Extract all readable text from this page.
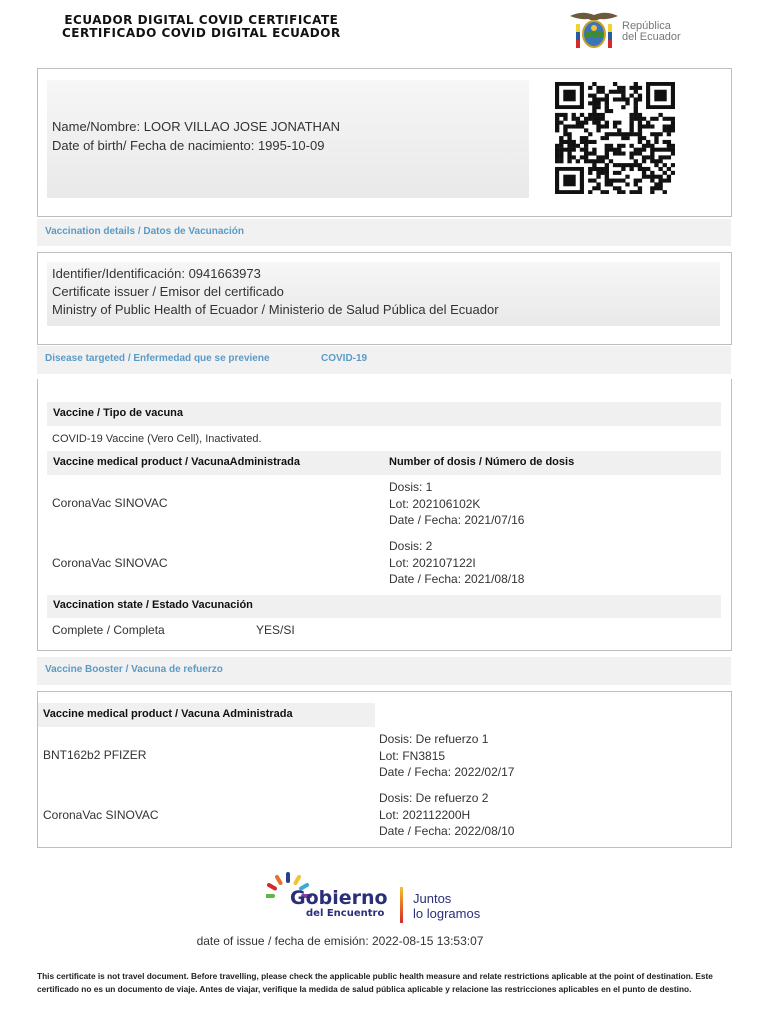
ECUADOR DIGITAL COVID CERTIFICATE
CERTIFICADO COVID DIGITAL ECUADOR	República
del Ecuador
Name/Nombre: LOOR VILLAO JOSE JONATHAN
Date of birth/ Fecha de nacimiento: 1995-10-09
Vaccination details / Datos de Vacunación
Identifier/Identificación: 0941663973
Certificate issuer / Emisor del certificado
Ministry of Public Health of Ecuador / Ministerio de Salud Pública del Ecuador
Disease targeted / Enfermedad que se previene	COVID-19
Vaccine / Tipo de vacuna
COVID-19 Vaccine (Vero Cell), Inactivated.
Vaccine medical product / VacunaAdministrada	Number of dosis / Número de dosis
CoronaVac SINOVAC
Dosis: 1
Lot: 202106102K
Date / Fecha: 2021/07/16
CoronaVac SINOVAC
Dosis: 2
Lot: 202107122I
Date / Fecha: 2021/08/18
Vaccination state / Estado Vacunación
Complete / Completa	YES/SI
Vaccine Booster / Vacuna de refuerzo
Vaccine medical product / Vacuna Administrada
BNT162b2 PFIZER
Dosis: De refuerzo 1
Lot: FN3815
Date / Fecha: 2022/02/17
CoronaVac SINOVAC
Dosis: De refuerzo 2
Lot: 202112200H
Date / Fecha: 2022/08/10
Gobierno
del Encuentro
Juntos
lo logramos
date of issue / fecha de emisión: 2022-08-15 13:53:07
This certificate is not travel document. Before travelling, please check the applicable public health measure and relate restrictions aplicable at the point of destination. Este certificado no es un documento de viaje. Antes de viajar, verifique la medida de salud pública aplicable y relacione las restricciones aplicables en el punto de destino.
